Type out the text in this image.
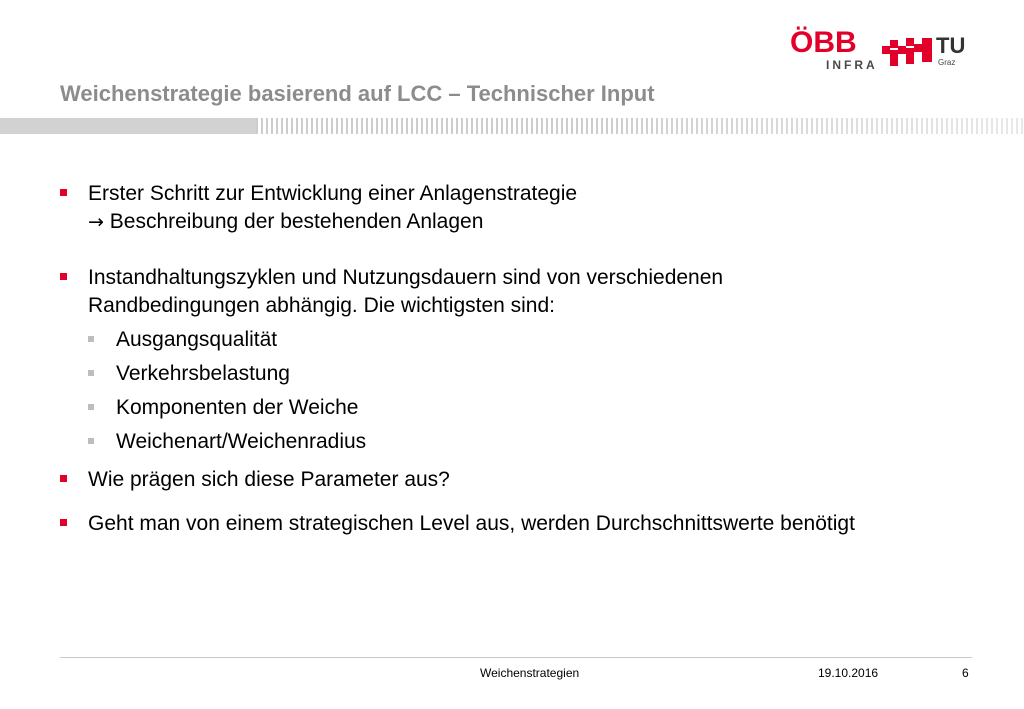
ÖBB
INFRA
TU
Graz
Weichenstrategie basierend auf LCC – Technischer Input
Erster Schritt zur Entwicklung einer Anlagenstrategie
→ Beschreibung der bestehenden Anlagen
Instandhaltungszyklen und Nutzungsdauern sind von verschiedenen
Randbedingungen abhängig. Die wichtigsten sind:
Ausgangsqualität
Verkehrsbelastung
Komponenten der Weiche
Weichenart/Weichenradius
Wie prägen sich diese Parameter aus?
Geht man von einem strategischen Level aus, werden Durchschnittswerte benötigt
Weichenstrategien	19.10.2016	6
